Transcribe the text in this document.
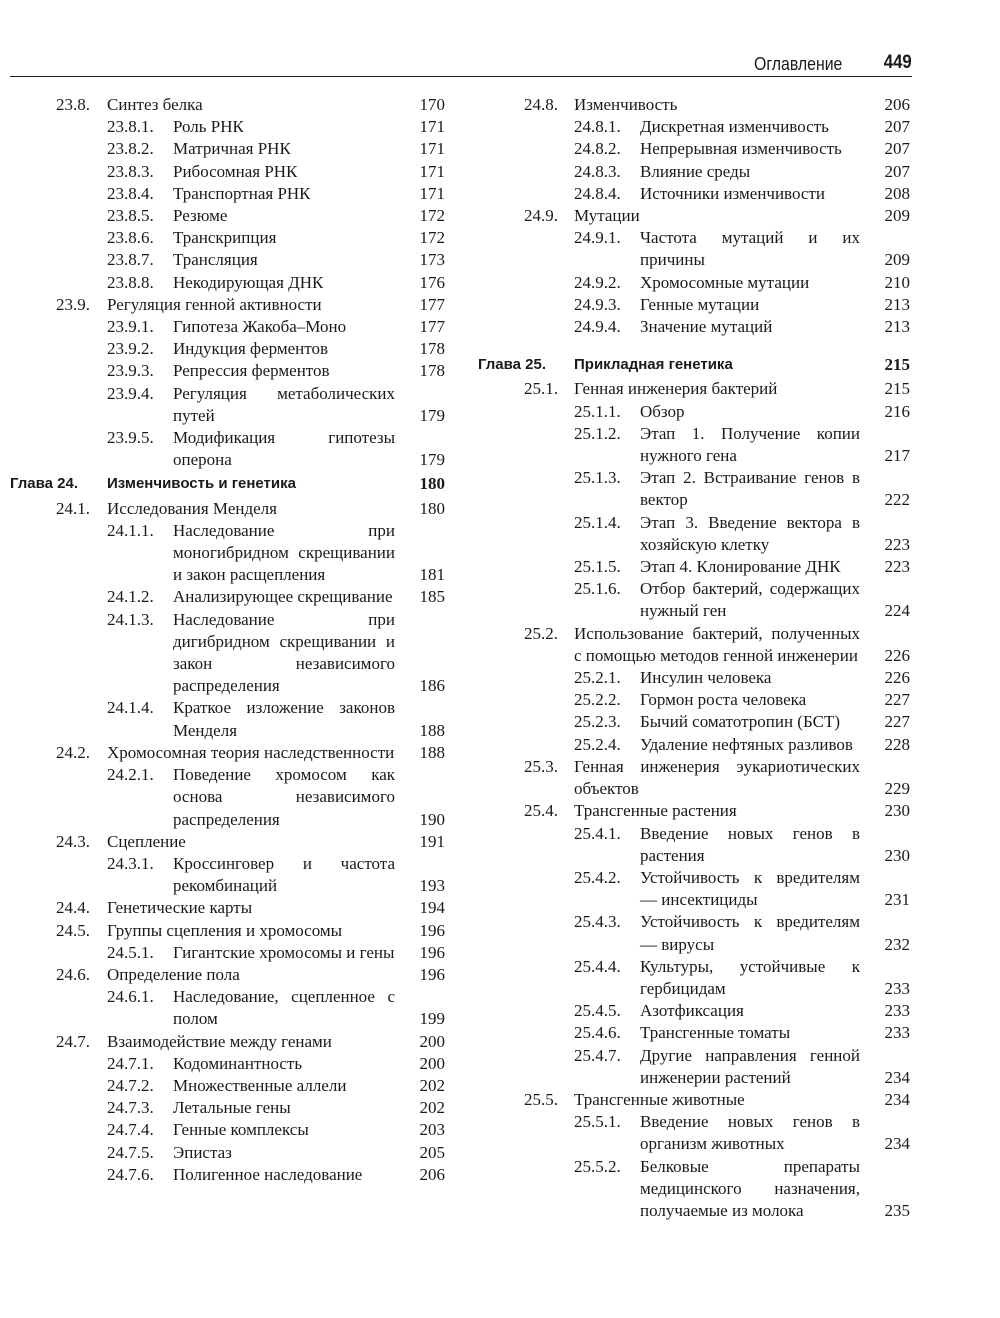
Оглавление 449
23.8. Синтез белка	170
23.8.1. Роль РНК	171
23.8.2. Матричная РНК	171
23.8.3. Рибосомная РНК	171
23.8.4. Транспортная РНК	171
23.8.5. Резюме	172
23.8.6. Транскрипция	172
23.8.7. Трансляция	173
23.8.8. Некодирующая ДНК	176
23.9. Регуляция генной активности	177
23.9.1. Гипотеза Жакоба–Моно	177
23.9.2. Индукция ферментов	178
23.9.3. Репрессия ферментов	178
23.9.4. Регуляция метаболических путей	179
23.9.5. Модификация гипотезы оперона	179
Глава 24. Изменчивость и генетика	180
24.1. Исследования Менделя	180
24.1.1. Наследование при моногибридном скрещивании и закон расщепления	181
24.1.2. Анализирующее скрещивание 185
24.1.3. Наследование при дигибридном скрещивании и закон независимого распределения	186
24.1.4. Краткое изложение законов Менделя	188
24.2. Хромосомная теория наследственности 188
24.2.1. Поведение хромосом как основа независимого распределения	190
24.3. Сцепление	191
24.3.1. Кроссинговер и частота рекомбинаций	193
24.4. Генетические карты	194
24.5. Группы сцепления и хромосомы	196
24.5.1. Гигантские хромосомы и гены 196
24.6. Определение пола	196
24.6.1. Наследование, сцепленное с полом	199
24.7. Взаимодействие между генами	200
24.7.1. Кодоминантность	200
24.7.2. Множественные аллели	202
24.7.3. Летальные гены	202
24.7.4. Генные комплексы	203
24.7.5. Эпистаз	205
24.7.6. Полигенное наследование	206
24.8. Изменчивость	206
24.8.1. Дискретная изменчивость	207
24.8.2. Непрерывная изменчивость	207
24.8.3. Влияние среды	207
24.8.4. Источники изменчивости	208
24.9. Мутации	209
24.9.1. Частота мутаций и их причины	209
24.9.2. Хромосомные мутации	210
24.9.3. Генные мутации	213
24.9.4. Значение мутаций	213
Глава 25. Прикладная генетика	215
25.1. Генная инженерия бактерий	215
25.1.1. Обзор	216
25.1.2. Этап 1. Получение копии нужного гена	217
25.1.3. Этап 2. Встраивание генов в вектор	222
25.1.4. Этап 3. Введение вектора в хозяйскую клетку	223
25.1.5. Этап 4. Клонирование ДНК	223
25.1.6. Отбор бактерий, содержащих нужный ген	224
25.2. Использование бактерий, полученных с помощью методов генной инженерии 226
25.2.1. Инсулин человека	226
25.2.2. Гормон роста человека	227
25.2.3. Бычий соматотропин (БСТ)	227
25.2.4. Удаление нефтяных разливов	228
25.3. Генная инженерия эукариотических объектов	229
25.4. Трансгенные растения	230
25.4.1. Введение новых генов в растения	230
25.4.2. Устойчивость к вредителям — инсектициды	231
25.4.3. Устойчивость к вредителям — вирусы	232
25.4.4. Культуры, устойчивые к гербицидам	233
25.4.5. Азотфиксация	233
25.4.6. Трансгенные томаты	233
25.4.7. Другие направления генной инженерии растений	234
25.5. Трансгенные животные	234
25.5.1. Введение новых генов в организм животных	234
25.5.2. Белковые препараты медицинского назначения, получаемые из молока	235
